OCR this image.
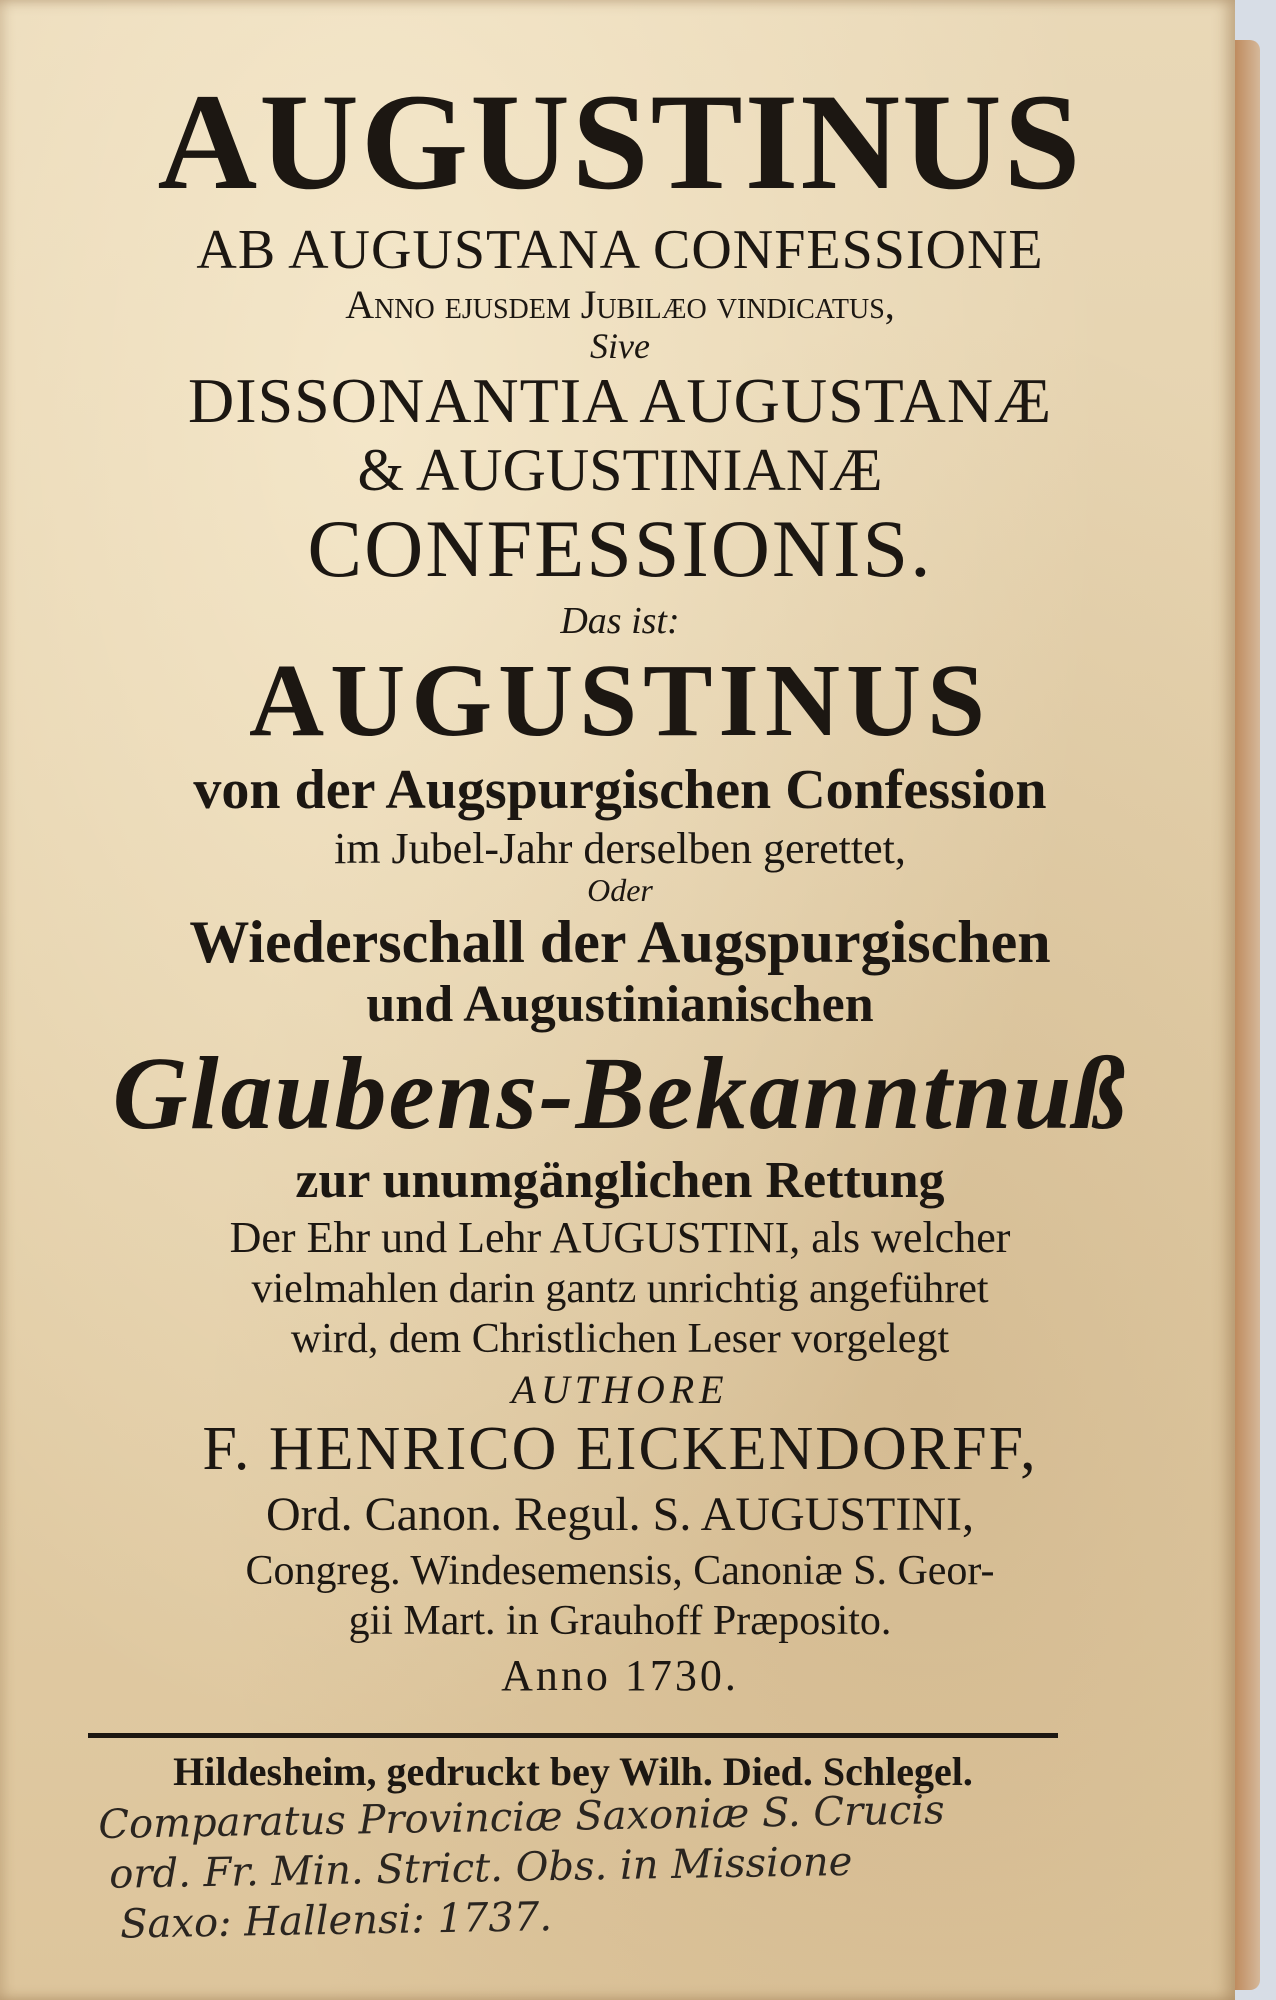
AUGUSTINUS

AB AUGUSTANA CONFESSIONE

Anno ejusdem Jubilæo vindicatus,

Sive

DISSONANTIA AUGUSTANÆ

& AUGUSTINIANÆ

CONFESSIONIS.

Das ist:

AUGUSTINUS

von der Augspurgischen Confession

im Jubel-Jahr derselben gerettet,

Oder

Wiederschall der Augspurgischen

und Augustinianischen

Glaubens-Bekanntnuß

zur unumgänglichen Rettung

Der Ehr und Lehr AUGUSTINI, als welcher

vielmahlen darin gantz unrichtig angeführet

wird, dem Christlichen Leser vorgelegt

AUTHORE

F. HENRICO EICKENDORFF,

Ord. Canon. Regul. S. AUGUSTINI,

Congreg. Windesemensis, Canoniæ S. Geor-

gii Mart. in Grauhoff Præposito.

Anno 1730.

Hildesheim, gedruckt bey Wilh. Died. Schlegel.
Comparatus Provinciæ Saxoniæ S. Crucis
ord. Fr. Min. Strict. Obs. in Missione
Saxo: Hallensi: 1737.
